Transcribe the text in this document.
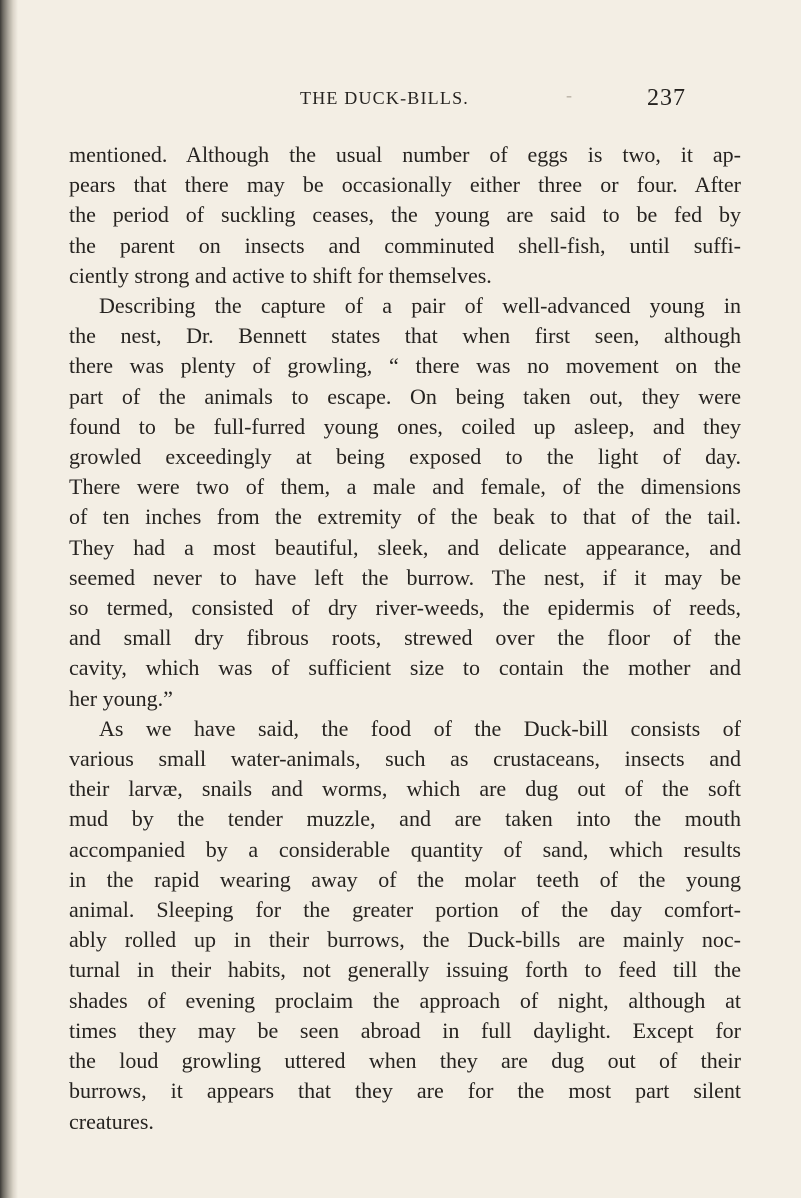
THE DUCK-BILLS.	-	237

mentioned. Although the usual number of eggs is two, it ap-

pears that there may be occasionally either three or four. After

the period of suckling ceases, the young are said to be fed by

the parent on insects and comminuted shell-fish, until suffi-

ciently strong and active to shift for themselves.

Describing the capture of a pair of well-advanced young in

the nest, Dr. Bennett states that when first seen, although

there was plenty of growling, “ there was no movement on the

part of the animals to escape. On being taken out, they were

found to be full-furred young ones, coiled up asleep, and they

growled exceedingly at being exposed to the light of day.

There were two of them, a male and female, of the dimensions

of ten inches from the extremity of the beak to that of the tail.

They had a most beautiful, sleek, and delicate appearance, and

seemed never to have left the burrow. The nest, if it may be

so termed, consisted of dry river-weeds, the epidermis of reeds,

and small dry fibrous roots, strewed over the floor of the

cavity, which was of sufficient size to contain the mother and

her young.”

As we have said, the food of the Duck-bill consists of

various small water-animals, such as crustaceans, insects and

their larvæ, snails and worms, which are dug out of the soft

mud by the tender muzzle, and are taken into the mouth

accompanied by a considerable quantity of sand, which results

in the rapid wearing away of the molar teeth of the young

animal. Sleeping for the greater portion of the day comfort-

ably rolled up in their burrows, the Duck-bills are mainly noc-

turnal in their habits, not generally issuing forth to feed till the

shades of evening proclaim the approach of night, although at

times they may be seen abroad in full daylight. Except for

the loud growling uttered when they are dug out of their

burrows, it appears that they are for the most part silent

creatures.
